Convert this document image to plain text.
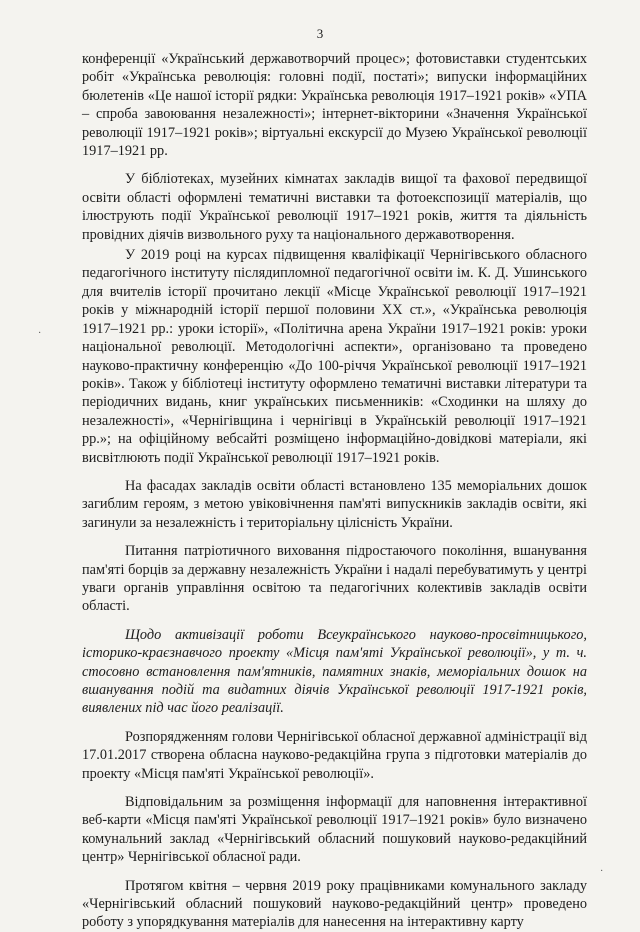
3

конференції «Український державотворчий процес»; фотовиставки студентських робіт «Українська революція: головні події, постаті»; випуски інформаційних бюлетенів «Це нашої історії рядки: Українська революція 1917–1921 років» «УПА – спроба завоювання незалежності»; інтернет-вікторини «Значення Української революції 1917–1921 років»; віртуальні екскурсії до Музею Української революції 1917–1921 рр.

У бібліотеках, музейних кімнатах закладів вищої та фахової передвищої освіти області оформлені тематичні виставки та фотоекспозиції матеріалів, що ілюструють події Української революції 1917–1921 років, життя та діяльність провідних діячів визвольного руху та національного державотворення.

У 2019 році на курсах підвищення кваліфікації Чернігівського обласного педагогічного інституту післядипломної педагогічної освіти ім. К. Д. Ушинського для вчителів історії прочитано лекції «Місце Української революції 1917–1921 років у міжнародній історії першої половини XX ст.», «Українська революція 1917–1921 рр.: уроки історії», «Політична арена України 1917–1921 років: уроки національної революції. Методологічні аспекти», організовано та проведено науково-практичну конференцію «До 100-річчя Української революції 1917–1921 років». Також у бібліотеці інституту оформлено тематичні виставки літератури та періодичних видань, книг українських письменників: «Сходинки на шляху до незалежності», «Чернігівщина і чернігівці в Українській революції 1917–1921 рр.»; на офіційному вебсайті розміщено інформаційно-довідкові матеріали, які висвітлюють події Української революції 1917–1921 років.

На фасадах закладів освіти області встановлено 135 меморіальних дошок загиблим героям, з метою увіковічнення пам'яті випускників закладів освіти, які загинули за незалежність і територіальну цілісність України.

Питання патріотичного виховання підростаючого покоління, вшанування пам'яті борців за державну незалежність України і надалі перебуватимуть у центрі уваги органів управління освітою та педагогічних колективів закладів освіти області.

Щодо активізації роботи Всеукраїнського науково-просвітницького, історико-краєзнавчого проекту «Місця пам'яті Української революції», у т. ч. стосовно встановлення пам'ятників, памятних знаків, меморіальних дошок на вшанування подій та видатних діячів Української революції 1917-1921 років, виявлених під час його реалізації.

Розпорядженням голови Чернігівської обласної державної адміністрації від 17.01.2017 створена обласна науково-редакційна група з підготовки матеріалів до проекту «Місця пам'яті Української революції».

Відповідальним за розміщення інформації для наповнення інтерактивної веб-карти «Місця пам'яті Української революції 1917–1921 років» було визначено комунальний заклад «Чернігівський обласний пошуковий науково-редакційний центр» Чернігівської обласної ради.

Протягом квітня – червня 2019 року працівниками комунального закладу «Чернігівський обласний пошуковий науково-редакційний центр» проведено роботу з упорядкування матеріалів для нанесення на інтерактивну карту

·
·
